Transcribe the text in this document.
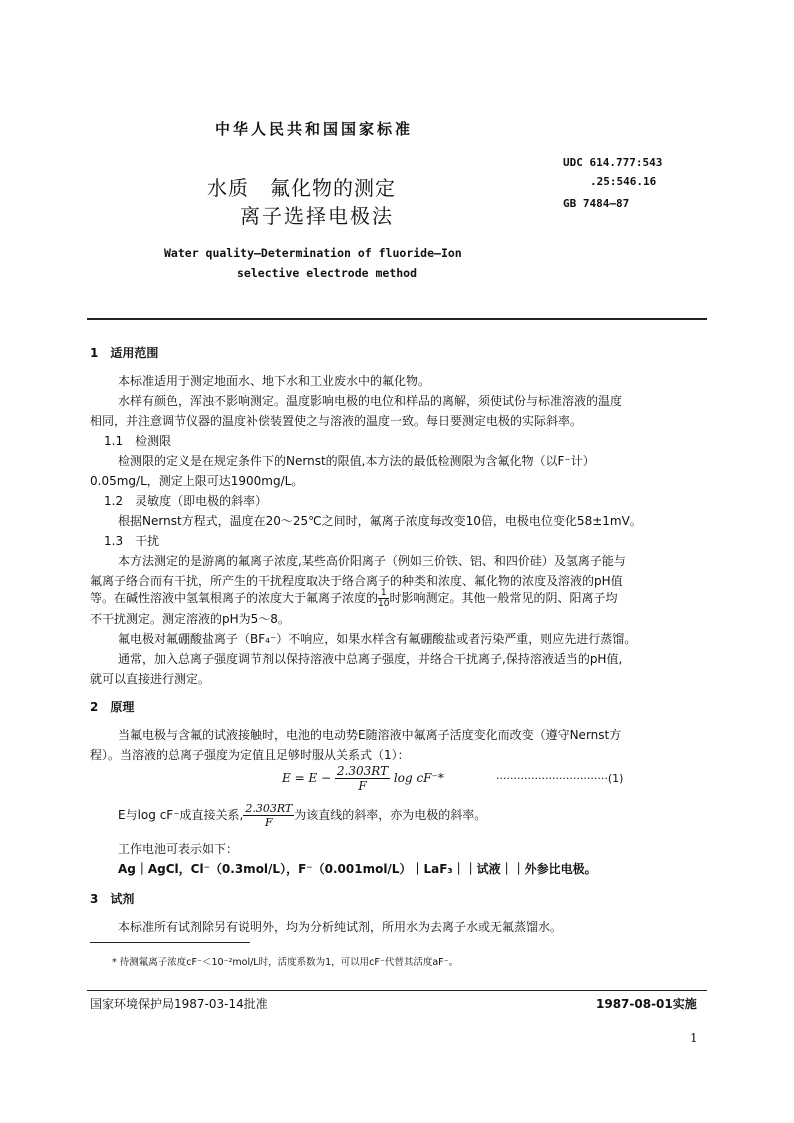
中华人民共和国国家标准
水质　氟化物的测定
离子选择电极法
UDC 614.777:543
.25:546.16
GB 7484—87
Water quality—Determination of fluoride—Ion
selective electrode method
1　适用范围
本标准适用于测定地面水、地下水和工业废水中的氟化物。
水样有颜色，浑浊不影响测定。温度影响电极的电位和样品的离解，须使试份与标准溶液的温度
相同，并注意调节仪器的温度补偿装置使之与溶液的温度一致。每日要测定电极的实际斜率。
1.1　检测限
检测限的定义是在规定条件下的Nernst的限值,本方法的最低检测限为含氟化物（以F⁻计）
0.05mg/L，测定上限可达1900mg/L。
1.2　灵敏度（即电极的斜率）
根据Nernst方程式，温度在20～25℃之间时，氟离子浓度每改变10倍，电极电位变化58±1mV。
1.3　干扰
本方法测定的是游离的氟离子浓度,某些高价阳离子（例如三价铁、铝、和四价硅）及氢离子能与
氟离子络合而有干扰，所产生的干扰程度取决于络合离子的种类和浓度、氟化物的浓度及溶液的pH值
等。在碱性溶液中氢氧根离子的浓度大于氟离子浓度的 $\frac{1}{10}$ 时影响测定。其他一般常见的阴、阳离子均
不干扰测定。测定溶液的pH为5～8。
氟电极对氟硼酸盐离子（BF₄⁻）不响应，如果水样含有氟硼酸盐或者污染严重，则应先进行蒸馏。
通常，加入总离子强度调节剂以保持溶液中总离子强度，并络合干扰离子,保持溶液适当的pH值,
就可以直接进行测定。
2　原理
当氟电极与含氟的试液接触时，电池的电动势E随溶液中氟离子活度变化而改变（遵守Nernst方
程）。当溶液的总离子强度为定值且足够时服从关系式（1）：
$E = E - \frac{2.303RT}{F}$ log cF⁻*	································(1)
E与log cF⁻成直接关系, $\frac{2.303RT}{F}$ 为该直线的斜率，亦为电极的斜率。
工作电池可表示如下：
Ag｜AgCl，Cl⁻（0.3mol/L），F⁻（0.001mol/L）｜LaF₃｜｜试液｜｜外参比电极。
3　试剂
本标准所有试剂除另有说明外，均为分析纯试剂，所用水为去离子水或无氟蒸馏水。
* 待测氟离子浓度cF⁻＜10⁻²mol/L时，活度系数为1，可以用cF⁻代替其活度aF⁻。
国家环境保护局1987-03-14批准	1987-08-01实施
1
